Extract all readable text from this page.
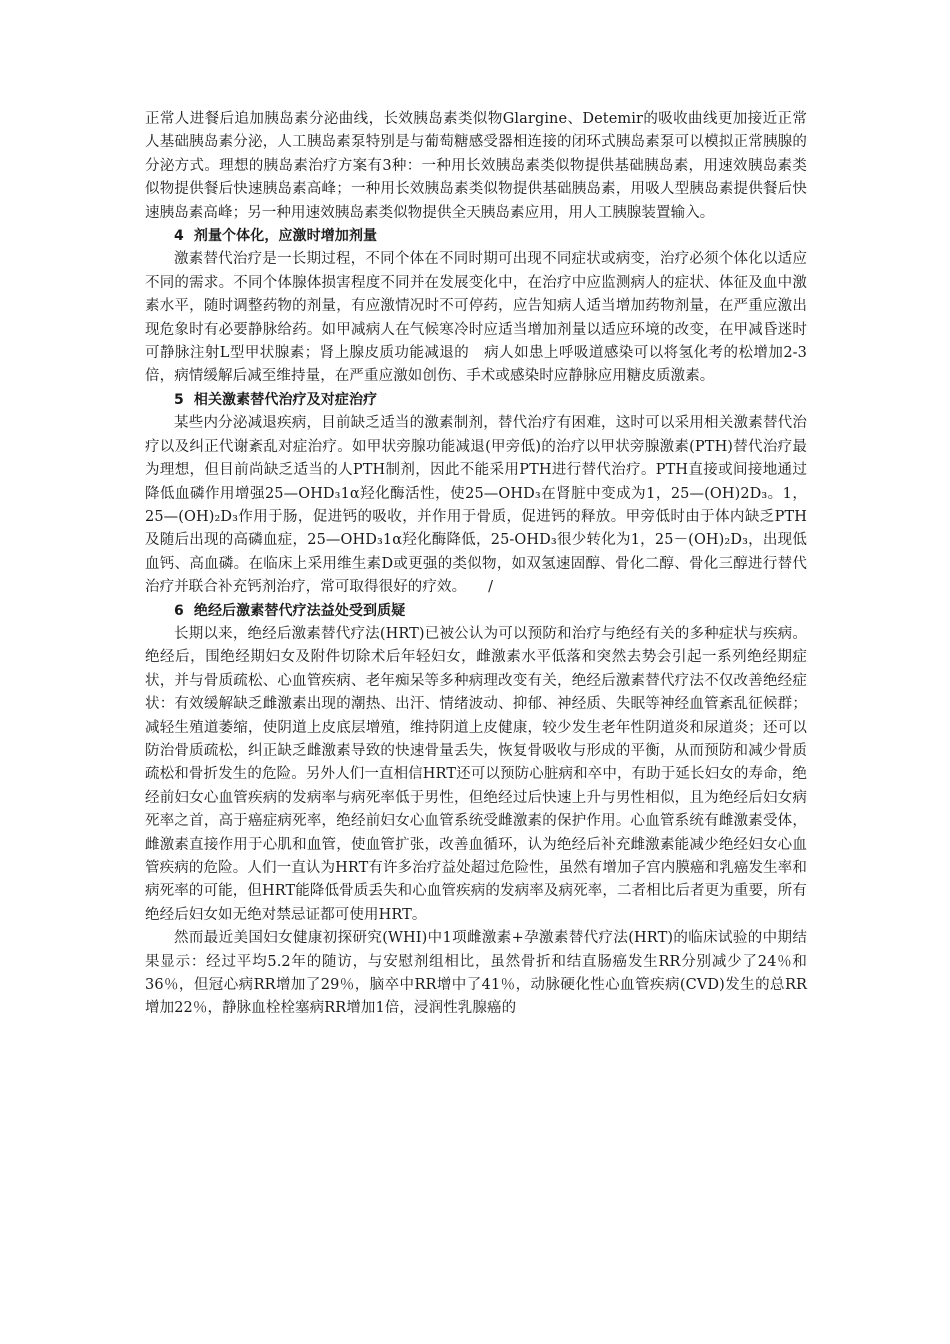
正常人进餐后追加胰岛素分泌曲线，长效胰岛素类似物Glargine、Detemir的吸收曲线更加接近正常人基础胰岛素分泌，人工胰岛素泵特别是与葡萄糖感受器相连接的闭环式胰岛素泵可以模拟正常胰腺的分泌方式。理想的胰岛素治疗方案有3种：一种用长效胰岛素类似物提供基础胰岛素，用速效胰岛素类似物提供餐后快速胰岛素高峰；一种用长效胰岛素类似物提供基础胰岛素，用吸人型胰岛素提供餐后快速胰岛素高峰；另一种用速效胰岛素类似物提供全天胰岛素应用，用人工胰腺装置输入。

4 剂量个体化，应激时增加剂量

激素替代治疗是一长期过程，不同个体在不同时期可出现不同症状或病变，治疗必须个体化以适应不同的需求。不同个体腺体损害程度不同并在发展变化中，在治疗中应监测病人的症状、体征及血中激素水平，随时调整药物的剂量，有应激情况时不可停药，应告知病人适当增加药物剂量，在严重应激出现危象时有必要静脉给药。如甲减病人在气候寒冷时应适当增加剂量以适应环境的改变，在甲减昏迷时可静脉注射L型甲状腺素；肾上腺皮质功能减退的　病人如患上呼吸道感染可以将氢化考的松增加2-3倍，病情缓解后减至维持量，在严重应激如创伤、手术或感染时应静脉应用糖皮质激素。

5 相关激素替代治疗及对症治疗

某些内分泌减退疾病，目前缺乏适当的激素制剂，替代治疗有困难，这时可以采用相关激素替代治疗以及纠正代谢紊乱对症治疗。如甲状旁腺功能减退(甲旁低)的治疗以甲状旁腺激素(PTH)替代治疗最为理想，但目前尚缺乏适当的人PTH制剂，因此不能采用PTH进行替代治疗。PTH直接或间接地通过降低血磷作用增强25—OHD₃1α羟化酶活性，使25—OHD₃在肾脏中变成为1，25—(OH)2D₃。1，25—(OH)₂D₃作用于肠，促进钙的吸收，并作用于骨质，促进钙的释放。甲旁低时由于体内缺乏PTH及随后出现的高磷血症，25—OHD₃1α羟化酶降低，25-OHD₃很少转化为1，25－(OH)₂D₃，出现低血钙、高血磷。在临床上采用维生素D或更强的类似物，如双氢速固醇、骨化二醇、骨化三醇进行替代治疗并联合补充钙剂治疗，常可取得很好的疗效。　　/

6 绝经后激素替代疗法益处受到质疑

长期以来，绝经后激素替代疗法(HRT)已被公认为可以预防和治疗与绝经有关的多种症状与疾病。绝经后，围绝经期妇女及附件切除术后年轻妇女，雌激素水平低落和突然去势会引起一系列绝经期症状，并与骨质疏松、心血管疾病、老年痴呆等多种病理改变有关，绝经后激素替代疗法不仅改善绝经症状：有效缓解缺乏雌激素出现的潮热、出汗、情绪波动、抑郁、神经质、失眠等神经血管紊乱征候群；减轻生殖道萎缩，使阴道上皮底层增殖，维持阴道上皮健康，较少发生老年性阴道炎和尿道炎；还可以防治骨质疏松，纠正缺乏雌激素导致的快速骨量丢失，恢复骨吸收与形成的平衡，从而预防和减少骨质疏松和骨折发生的危险。另外人们一直相信HRT还可以预防心脏病和卒中，有助于延长妇女的寿命，绝经前妇女心血管疾病的发病率与病死率低于男性，但绝经过后快速上升与男性相似，且为绝经后妇女病死率之首，高于癌症病死率，绝经前妇女心血管系统受雌激素的保护作用。心血管系统有雌激素受体，雌激素直接作用于心肌和血管，使血管扩张，改善血循环，认为绝经后补充雌激素能减少绝经妇女心血管疾病的危险。人们一直认为HRT有许多治疗益处超过危险性，虽然有增加子宫内膜癌和乳癌发生率和病死率的可能，但HRT能降低骨质丢失和心血管疾病的发病率及病死率，二者相比后者更为重要，所有绝经后妇女如无绝对禁忌证都可使用HRT。

然而最近美国妇女健康初探研究(WHI)中1项雌激素+孕激素替代疗法(HRT)的临床试验的中期结果显示：经过平均5.2年的随访，与安慰剂组相比，虽然骨折和结直肠癌发生RR分别减少了24％和36％，但冠心病RR增加了29％，脑卒中RR增中了41％，动脉硬化性心血管疾病(CVD)发生的总RR增加22％，静脉血栓栓塞病RR增加1倍，浸润性乳腺癌的
